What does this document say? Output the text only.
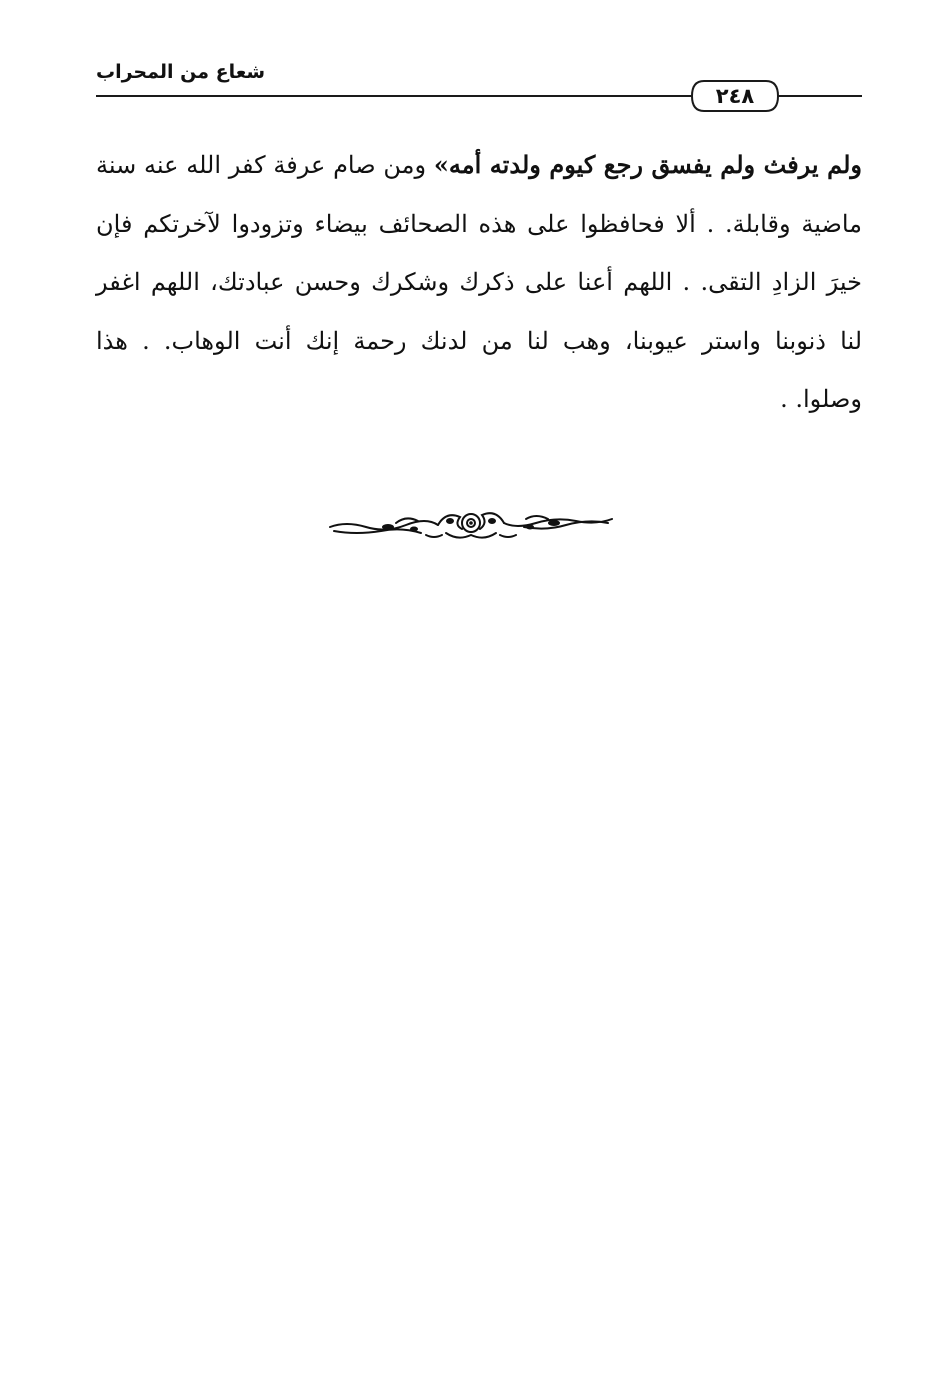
شعاع من المحراب
٢٤٨
ولم يرفث ولم يفسق رجع كيوم ولدته أمه» ومن صام عرفة كفر الله عنه سنة
ماضية وقابلة. . ألا فحافظوا على هذه الصحائف بيضاء وتزودوا لآخرتكم فإن
خيرَ الزادِ التقى. . اللهم أعنا على ذكرك وشكرك وحسن عبادتك، اللهم اغفر
لنا ذنوبنا واستر عيوبنا، وهب لنا من لدنك رحمة إنك أنت الوهاب. . هذا
وصلوا. .
